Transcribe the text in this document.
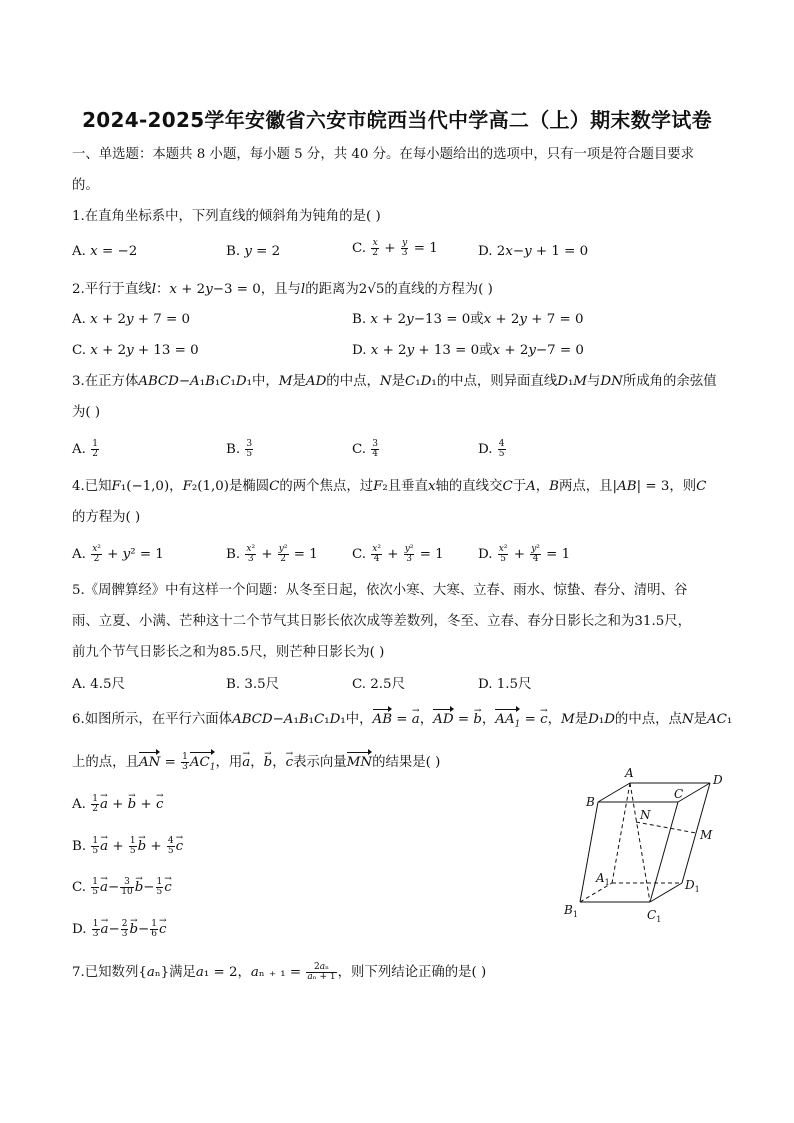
2024-2025学年安徽省六安市皖西当代中学高二（上）期末数学试卷
一、单选题：本题共 8 小题，每小题 5 分，共 40 分。在每小题给出的选项中，只有一项是符合题目要求
的。
1.在直角坐标系中，下列直线的倾斜角为钝角的是( )
A. 𝑥 = −2	B. 𝑦 = 2	C. $\frac{x}{2} + \frac{y}{3} = 1$	D. 2𝑥−𝑦 + 1 = 0
2.平行于直线𝑙：𝑥 + 2𝑦−3 = 0，且与𝑙的距离为2√5的直线的方程为( )
A. 𝑥 + 2𝑦 + 7 = 0	B. 𝑥 + 2𝑦−13 = 0或𝑥 + 2𝑦 + 7 = 0
C. 𝑥 + 2𝑦 + 13 = 0	D. 𝑥 + 2𝑦 + 13 = 0或𝑥 + 2𝑦−7 = 0
3.在正方体𝐴𝐵𝐶𝐷−𝐴₁𝐵₁𝐶₁𝐷₁中，𝑀是𝐴𝐷的中点，𝑁是𝐶₁𝐷₁的中点，则异面直线𝐷₁𝑀与𝐷𝑁所成角的余弦值
为( )
A. $\frac{1}{2}$	B. $\frac{3}{5}$	C. $\frac{3}{4}$	D. $\frac{4}{5}$
4.已知𝐹₁(−1,0)，𝐹₂(1,0)是椭圆𝐶的两个焦点，过𝐹₂且垂直𝑥轴的直线交𝐶于𝐴，𝐵两点，且|𝐴𝐵| = 3，则𝐶
的方程为( )
A. $\frac{\text{x²}}{2}$ + 𝑦² = 1	B. $\frac{\text{x²}}{3} + \frac{\text{y²}}{2} = 1$	C. $\frac{\text{x²}}{4} + \frac{\text{y²}}{3} = 1$	D. $\frac{\text{x²}}{5} + \frac{\text{y²}}{4} = 1$
5.《周髀算经》中有这样一个问题：从冬至日起，依次小寒、大寒、立春、雨水、惊蛰、春分、清明、谷
雨、立夏、小满、芒种这十二个节气其日影长依次成等差数列，冬至、立春、春分日影长之和为31.5尺，
前九个节气日影长之和为85.5尺，则芒种日影长为( )
A. 4.5尺	B. 3.5尺	C. 2.5尺	D. 1.5尺
6.如图所示，在平行六面体𝐴𝐵𝐶𝐷−𝐴₁𝐵₁𝐶₁𝐷₁中，AB = → a，AD = → b，$AA_1$ = → c，𝑀是𝐷₁𝐷的中点，点𝑁是𝐴𝐶₁
上的点，且AN = $\frac{1}{3} AC_1$，用→ a，→ b，→ c表示向量MN的结果是( )
A. $\frac{1}{2}$
→ a + → b + → c
B. $\frac{1}{5}$
→ $a + \frac{1}{5}$
→ $b + \frac{4}{5}$
→ c
C. $\frac{1}{5}$
→ $a- \frac{3}{10}$
→ $b- \frac{1}{5}$
→ c
D. $\frac{1}{3}$
→ $a- \frac{2}{3}$
→ $b- \frac{1}{6}$
→ c
A
B
C
D
N
M
$A_1$
$B_1$	$C_1$
$D_1$
7.已知数列{𝑎ₙ}满足𝑎₁ = 2，𝑎ₙ ₊ $_1 = \frac{\text{2𝑎ₙ}}{\text{𝑎ₙ + 1}}$ ，则下列结论正确的是( )
